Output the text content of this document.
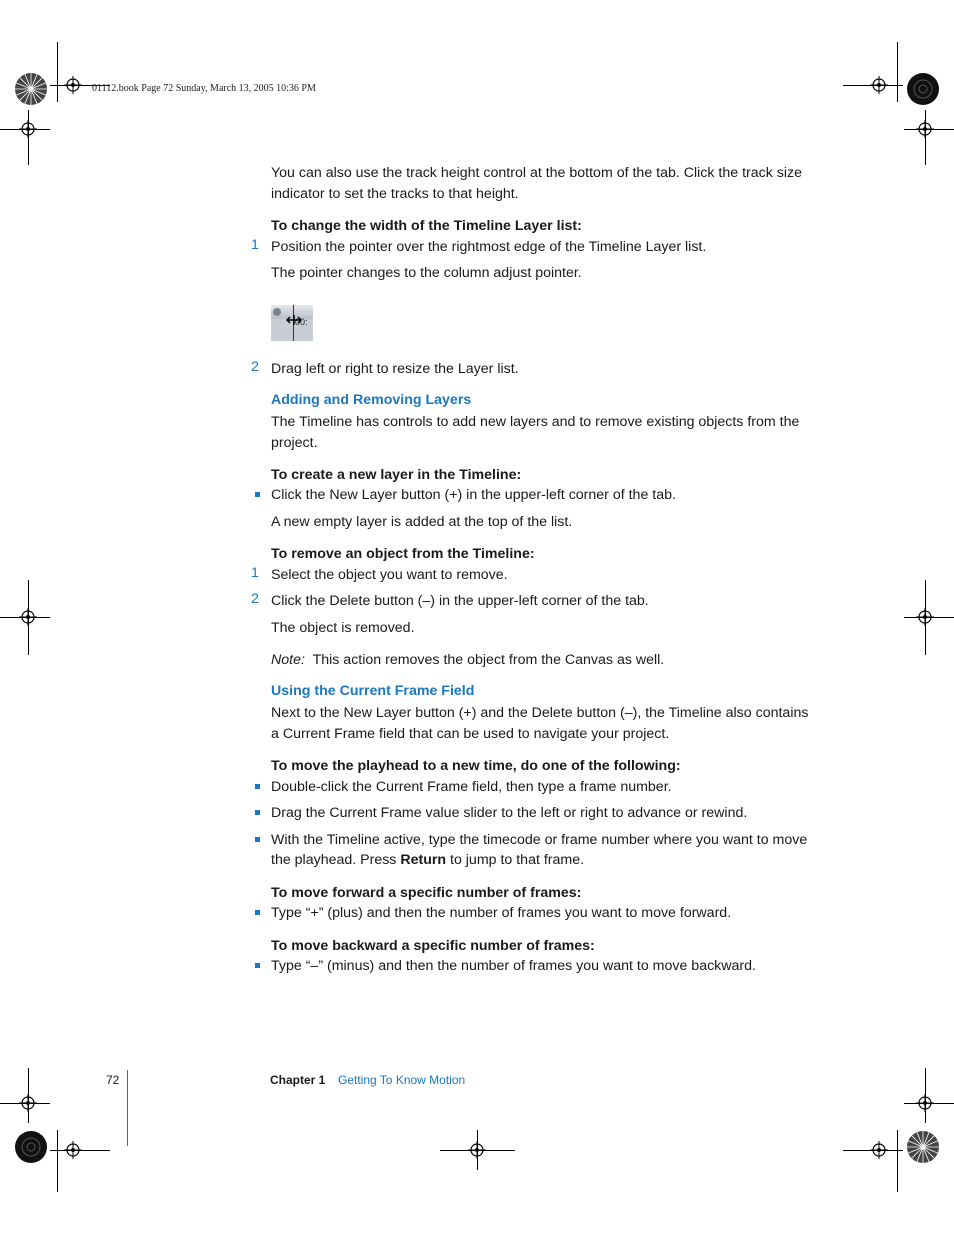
01112.book Page 72 Sunday, March 13, 2005 10:36 PM
You can also use the track height control at the bottom of the tab. Click the track size
indicator to set the tracks to that height.
To change the width of the Timeline Layer list:
1 Position the pointer over the rightmost edge of the Timeline Layer list.
The pointer changes to the column adjust pointer.
00:
2 Drag left or right to resize the Layer list.
Adding and Removing Layers
The Timeline has controls to add new layers and to remove existing objects from the
project.
To create a new layer in the Timeline:
Click the New Layer button (+) in the upper-left corner of the tab.
A new empty layer is added at the top of the list.
To remove an object from the Timeline:
1 Select the object you want to remove.
2 Click the Delete button (–) in the upper-left corner of the tab.
The object is removed.
Note: This action removes the object from the Canvas as well.
Using the Current Frame Field
Next to the New Layer button (+) and the Delete button (–), the Timeline also contains
a Current Frame field that can be used to navigate your project.
To move the playhead to a new time, do one of the following:
Double-click the Current Frame field, then type a frame number.
Drag the Current Frame value slider to the left or right to advance or rewind.
With the Timeline active, type the timecode or frame number where you want to move
the playhead. Press Return to jump to that frame.
To move forward a specific number of frames:
Type “+” (plus) and then the number of frames you want to move forward.
To move backward a specific number of frames:
Type “–” (minus) and then the number of frames you want to move backward.
72	Chapter 1 Getting To Know Motion
